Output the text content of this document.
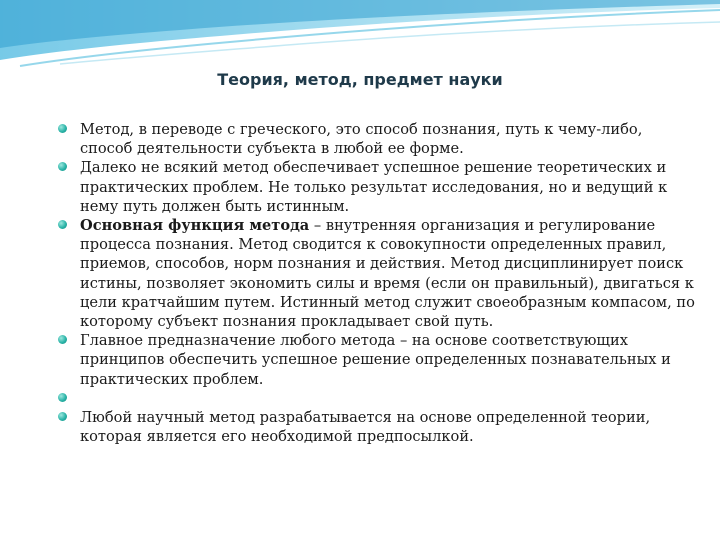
Теория, метод, предмет науки
Метод, в переводе с греческого, это способ познания, путь к чему-либо, способ деятельности субъекта в любой ее форме.
Далеко не всякий метод обеспечивает успешное решение теоретических и практических проблем. Не только результат исследования, но и ведущий к нему путь должен быть истинным.
Основная функция метода – внутренняя организация и регулирование процесса познания. Метод сводится к совокупности определенных правил, приемов, способов, норм познания и действия. Метод дисциплинирует поиск истины, позволяет экономить силы и время (если он правильный), двигаться к цели кратчайшим путем. Истинный метод служит своеобразным компасом, по которому субъект познания прокладывает свой путь.
Главное предназначение любого метода – на основе соответствующих принципов обеспечить успешное решение определенных познавательных и практических проблем.
Любой научный метод разрабатывается на основе определенной теории, которая является его необходимой предпосылкой.
